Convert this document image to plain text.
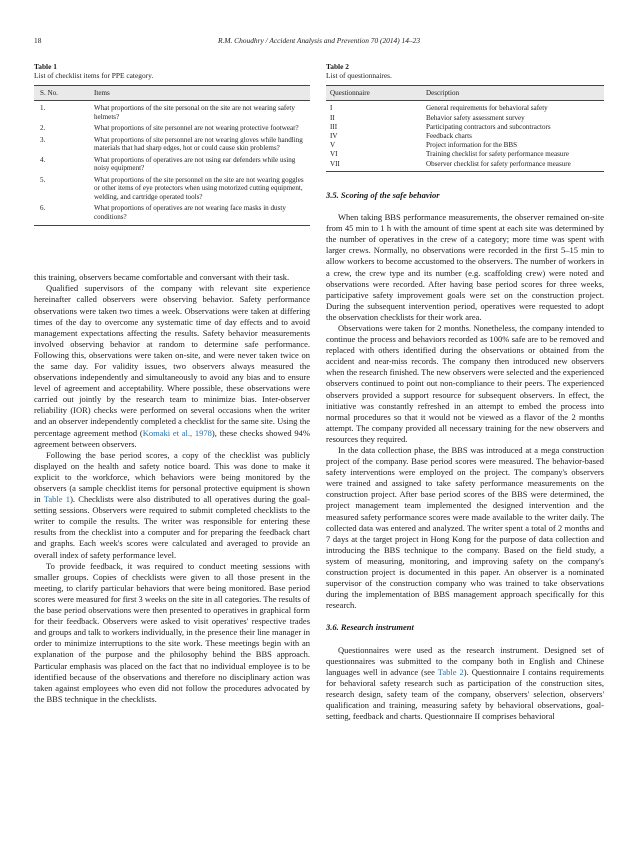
18	R.M. Choudhry / Accident Analysis and Prevention 70 (2014) 14–23
Table 1
List of checklist items for PPE category.
S. No.	Items
1.	What proportions of the site personal on the site are not wearing safety helmets?
2.	What proportions of site personnel are not wearing protective footwear?
3.	What proportions of site personnel are not wearing gloves while handling materials that had sharp edges, hot or could cause skin problems?
4.	What proportions of operatives are not using ear defenders while using noisy equipment?
5.	What proportions of the site personnel on the site are not wearing goggles or other items of eye protectors when using motorized cutting equipment, welding, and cartridge operated tools?
6.	What proportions of operatives are not wearing face masks in dusty conditions?

this training, observers became comfortable and conversant with their task.

Qualified supervisors of the company with relevant site experience hereinafter called observers were observing behavior. Safety performance observations were taken two times a week. Observations were taken at differing times of the day to overcome any systematic time of day effects and to avoid management expectations affecting the results. Safety behavior measurements involved observing behavior at random to determine safe performance. Following this, observations were taken on-site, and were never taken twice on the same day. For validity issues, two observers always measured the observations independently and simultaneously to avoid any bias and to ensure level of agreement and acceptability. Where possible, these observations were carried out jointly by the research team to minimize bias. Inter-observer reliability (IOR) checks were performed on several occasions when the writer and an observer independently completed a checklist for the same site. Using the percentage agreement method (Komaki et al., 1978), these checks showed 94% agreement between observers.

Following the base period scores, a copy of the checklist was publicly displayed on the health and safety notice board. This was done to make it explicit to the workforce, which behaviors were being monitored by the observers (a sample checklist items for personal protective equipment is shown in Table 1). Checklists were also distributed to all operatives during the goal-setting sessions. Observers were required to submit completed checklists to the writer to compile the results. The writer was responsible for entering these results from the checklist into a computer and for preparing the feedback chart and graphs. Each week's scores were calculated and averaged to provide an overall index of safety performance level.

To provide feedback, it was required to conduct meeting sessions with smaller groups. Copies of checklists were given to all those present in the meeting, to clarify particular behaviors that were being monitored. Base period scores were measured for first 3 weeks on the site in all categories. The results of the base period observations were then presented to operatives in graphical form for their feedback. Observers were asked to visit operatives' respective trades and groups and talk to workers individually, in the presence their line manager in order to minimize interruptions to the site work. These meetings begin with an explanation of the purpose and the philosophy behind the BBS approach. Particular emphasis was placed on the fact that no individual employee is to be identified because of the observations and therefore no disciplinary action was taken against employees who even did not follow the procedures advocated by the BBS technique in the checklists.

Table 2
List of questionnaires.
Questionnaire	Description
I	General requirements for behavioral safety
II	Behavior safety assessment survey
III	Participating contractors and subcontractors
IV	Feedback charts
V	Project information for the BBS
VI	Training checklist for safety performance measure
VII	Observer checklist for safety performance measure
3.5. Scoring of the safe behavior

When taking BBS performance measurements, the observer remained on-site from 45 min to 1 h with the amount of time spent at each site was determined by the number of operatives in the crew of a category; more time was spent with larger crews. Normally, no observations were recorded in the first 5–15 min to allow workers to become accustomed to the observers. The number of workers in a crew, the crew type and its number (e.g. scaffolding crew) were noted and observations were recorded. After having base period scores for three weeks, participative safety improvement goals were set on the construction project. During the subsequent intervention period, operatives were requested to adopt the observation checklists for their work area.

Observations were taken for 2 months. Nonetheless, the company intended to continue the process and behaviors recorded as 100% safe are to be removed and replaced with others identified during the observations or obtained from the accident and near-miss records. The company then introduced new observers when the research finished. The new observers were selected and the experienced observers continued to point out non-compliance to their peers. The experienced observers provided a support resource for subsequent observers. In effect, the initiative was constantly refreshed in an attempt to embed the process into normal procedures so that it would not be viewed as a flavor of the 2 months attempt. The company provided all necessary training for the new observers and resources they required.

In the data collection phase, the BBS was introduced at a mega construction project of the company. Base period scores were measured. The behavior-based safety interventions were employed on the project. The company's observers were trained and assigned to take safety performance measurements on the construction project. After base period scores of the BBS were determined, the project management team implemented the designed intervention and the measured safety performance scores were made available to the writer daily. The collected data was entered and analyzed. The writer spent a total of 2 months and 7 days at the target project in Hong Kong for the purpose of data collection and introducing the BBS technique to the company. Based on the field study, a system of measuring, monitoring, and improving safety on the company's construction project is documented in this paper. An observer is a nominated supervisor of the construction company who was trained to take observations during the implementation of BBS management approach specifically for this research.

3.6. Research instrument

Questionnaires were used as the research instrument. Designed set of questionnaires was submitted to the company both in English and Chinese languages well in advance (see Table 2). Questionnaire I contains requirements for behavioral safety research such as participation of the construction sites, research design, safety team of the company, observers' selection, observers' qualification and training, measuring safety by behavioral observations, goal-setting, feedback and charts. Questionnaire II comprises behavioral
